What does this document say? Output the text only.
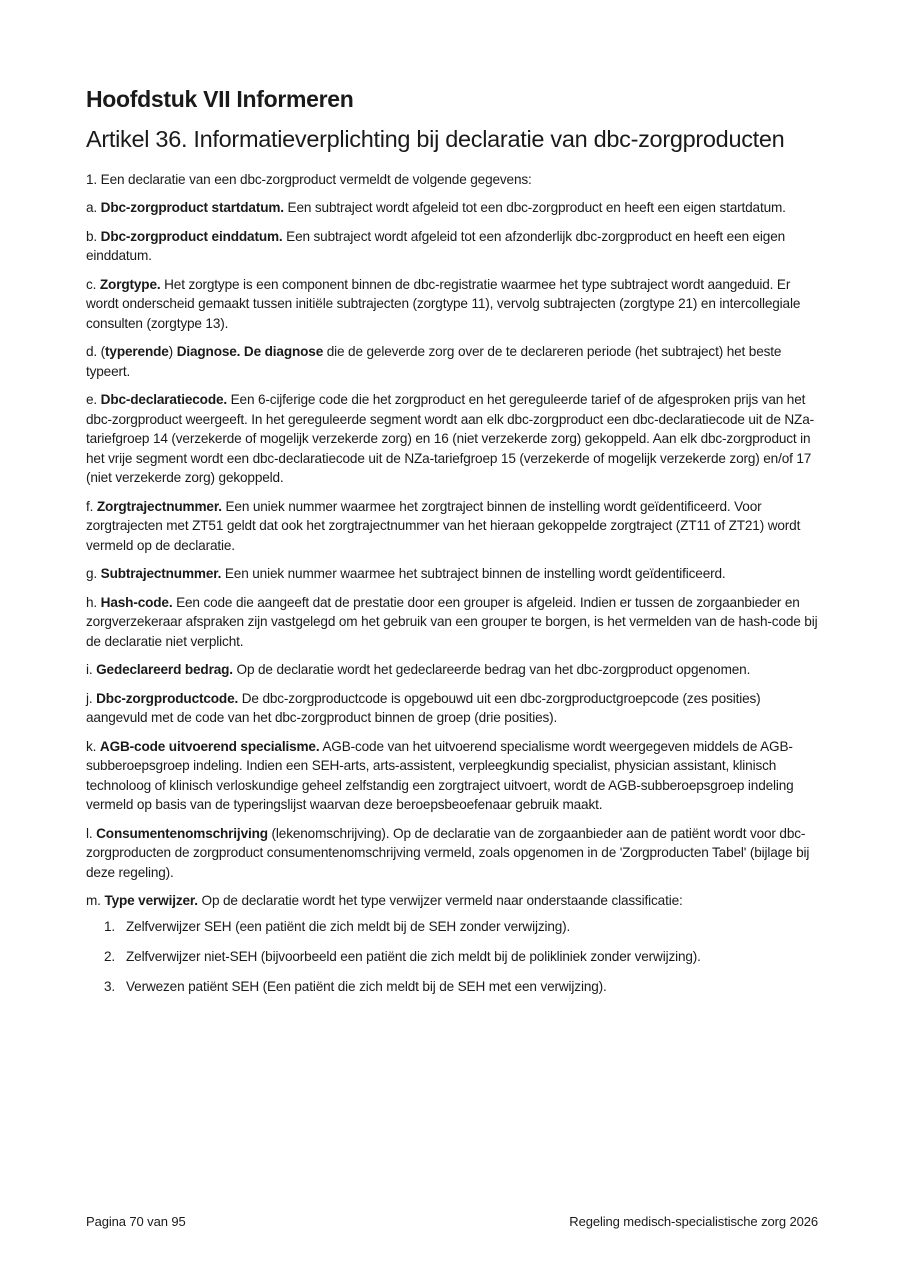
Hoofdstuk VII Informeren
Artikel 36. Informatieverplichting bij declaratie van dbc-zorgproducten

1. Een declaratie van een dbc-zorgproduct vermeldt de volgende gegevens:

a. Dbc-zorgproduct startdatum. Een subtraject wordt afgeleid tot een dbc-zorgproduct en heeft een eigen startdatum.

b. Dbc-zorgproduct einddatum. Een subtraject wordt afgeleid tot een afzonderlijk dbc-zorgproduct en heeft een eigen einddatum.

c. Zorgtype. Het zorgtype is een component binnen de dbc-registratie waarmee het type subtraject wordt aangeduid. Er wordt onderscheid gemaakt tussen initiële subtrajecten (zorgtype 11), vervolg subtrajecten (zorgtype 21) en intercollegiale consulten (zorgtype 13).

d. (typerende) Diagnose. De diagnose die de geleverde zorg over de te declareren periode (het subtraject) het beste typeert.

e. Dbc-declaratiecode. Een 6-cijferige code die het zorgproduct en het gereguleerde tarief of de afgesproken prijs van het dbc-zorgproduct weergeeft. In het gereguleerde segment wordt aan elk dbc-zorgproduct een dbc-declaratiecode uit de NZa-tariefgroep 14 (verzekerde of mogelijk verzekerde zorg) en 16 (niet verzekerde zorg) gekoppeld. Aan elk dbc-zorgproduct in het vrije segment wordt een dbc-declaratiecode uit de NZa-tariefgroep 15 (verzekerde of mogelijk verzekerde zorg) en/of 17 (niet verzekerde zorg) gekoppeld.

f. Zorgtrajectnummer. Een uniek nummer waarmee het zorgtraject binnen de instelling wordt geïdentificeerd. Voor zorgtrajecten met ZT51 geldt dat ook het zorgtrajectnummer van het hieraan gekoppelde zorgtraject (ZT11 of ZT21) wordt vermeld op de declaratie.

g. Subtrajectnummer. Een uniek nummer waarmee het subtraject binnen de instelling wordt geïdentificeerd.

h. Hash-code. Een code die aangeeft dat de prestatie door een grouper is afgeleid. Indien er tussen de zorgaanbieder en zorgverzekeraar afspraken zijn vastgelegd om het gebruik van een grouper te borgen, is het vermelden van de hash-code bij de declaratie niet verplicht.

i. Gedeclareerd bedrag. Op de declaratie wordt het gedeclareerde bedrag van het dbc-zorgproduct opgenomen.

j. Dbc-zorgproductcode. De dbc-zorgproductcode is opgebouwd uit een dbc-zorgproductgroepcode (zes posities) aangevuld met de code van het dbc-zorgproduct binnen de groep (drie posities).

k. AGB-code uitvoerend specialisme. AGB-code van het uitvoerend specialisme wordt weergegeven middels de AGB-subberoepsgroep indeling. Indien een SEH-arts, arts-assistent, verpleegkundig specialist, physician assistant, klinisch technoloog of klinisch verloskundige geheel zelfstandig een zorgtraject uitvoert, wordt de AGB-subberoepsgroep indeling vermeld op basis van de typeringslijst waarvan deze beroepsbeoefenaar gebruik maakt.

l. Consumentenomschrijving (lekenomschrijving). Op de declaratie van de zorgaanbieder aan de patiënt wordt voor dbc-zorgproducten de zorgproduct consumentenomschrijving vermeld, zoals opgenomen in de 'Zorgproducten Tabel' (bijlage bij deze regeling).

m. Type verwijzer. Op de declaratie wordt het type verwijzer vermeld naar onderstaande classificatie:

1. Zelfverwijzer SEH (een patiënt die zich meldt bij de SEH zonder verwijzing).
2. Zelfverwijzer niet-SEH (bijvoorbeeld een patiënt die zich meldt bij de polikliniek zonder verwijzing).
3. Verwezen patiënt SEH (Een patiënt die zich meldt bij de SEH met een verwijzing).
Pagina 70 van 95	Regeling medisch-specialistische zorg 2026
